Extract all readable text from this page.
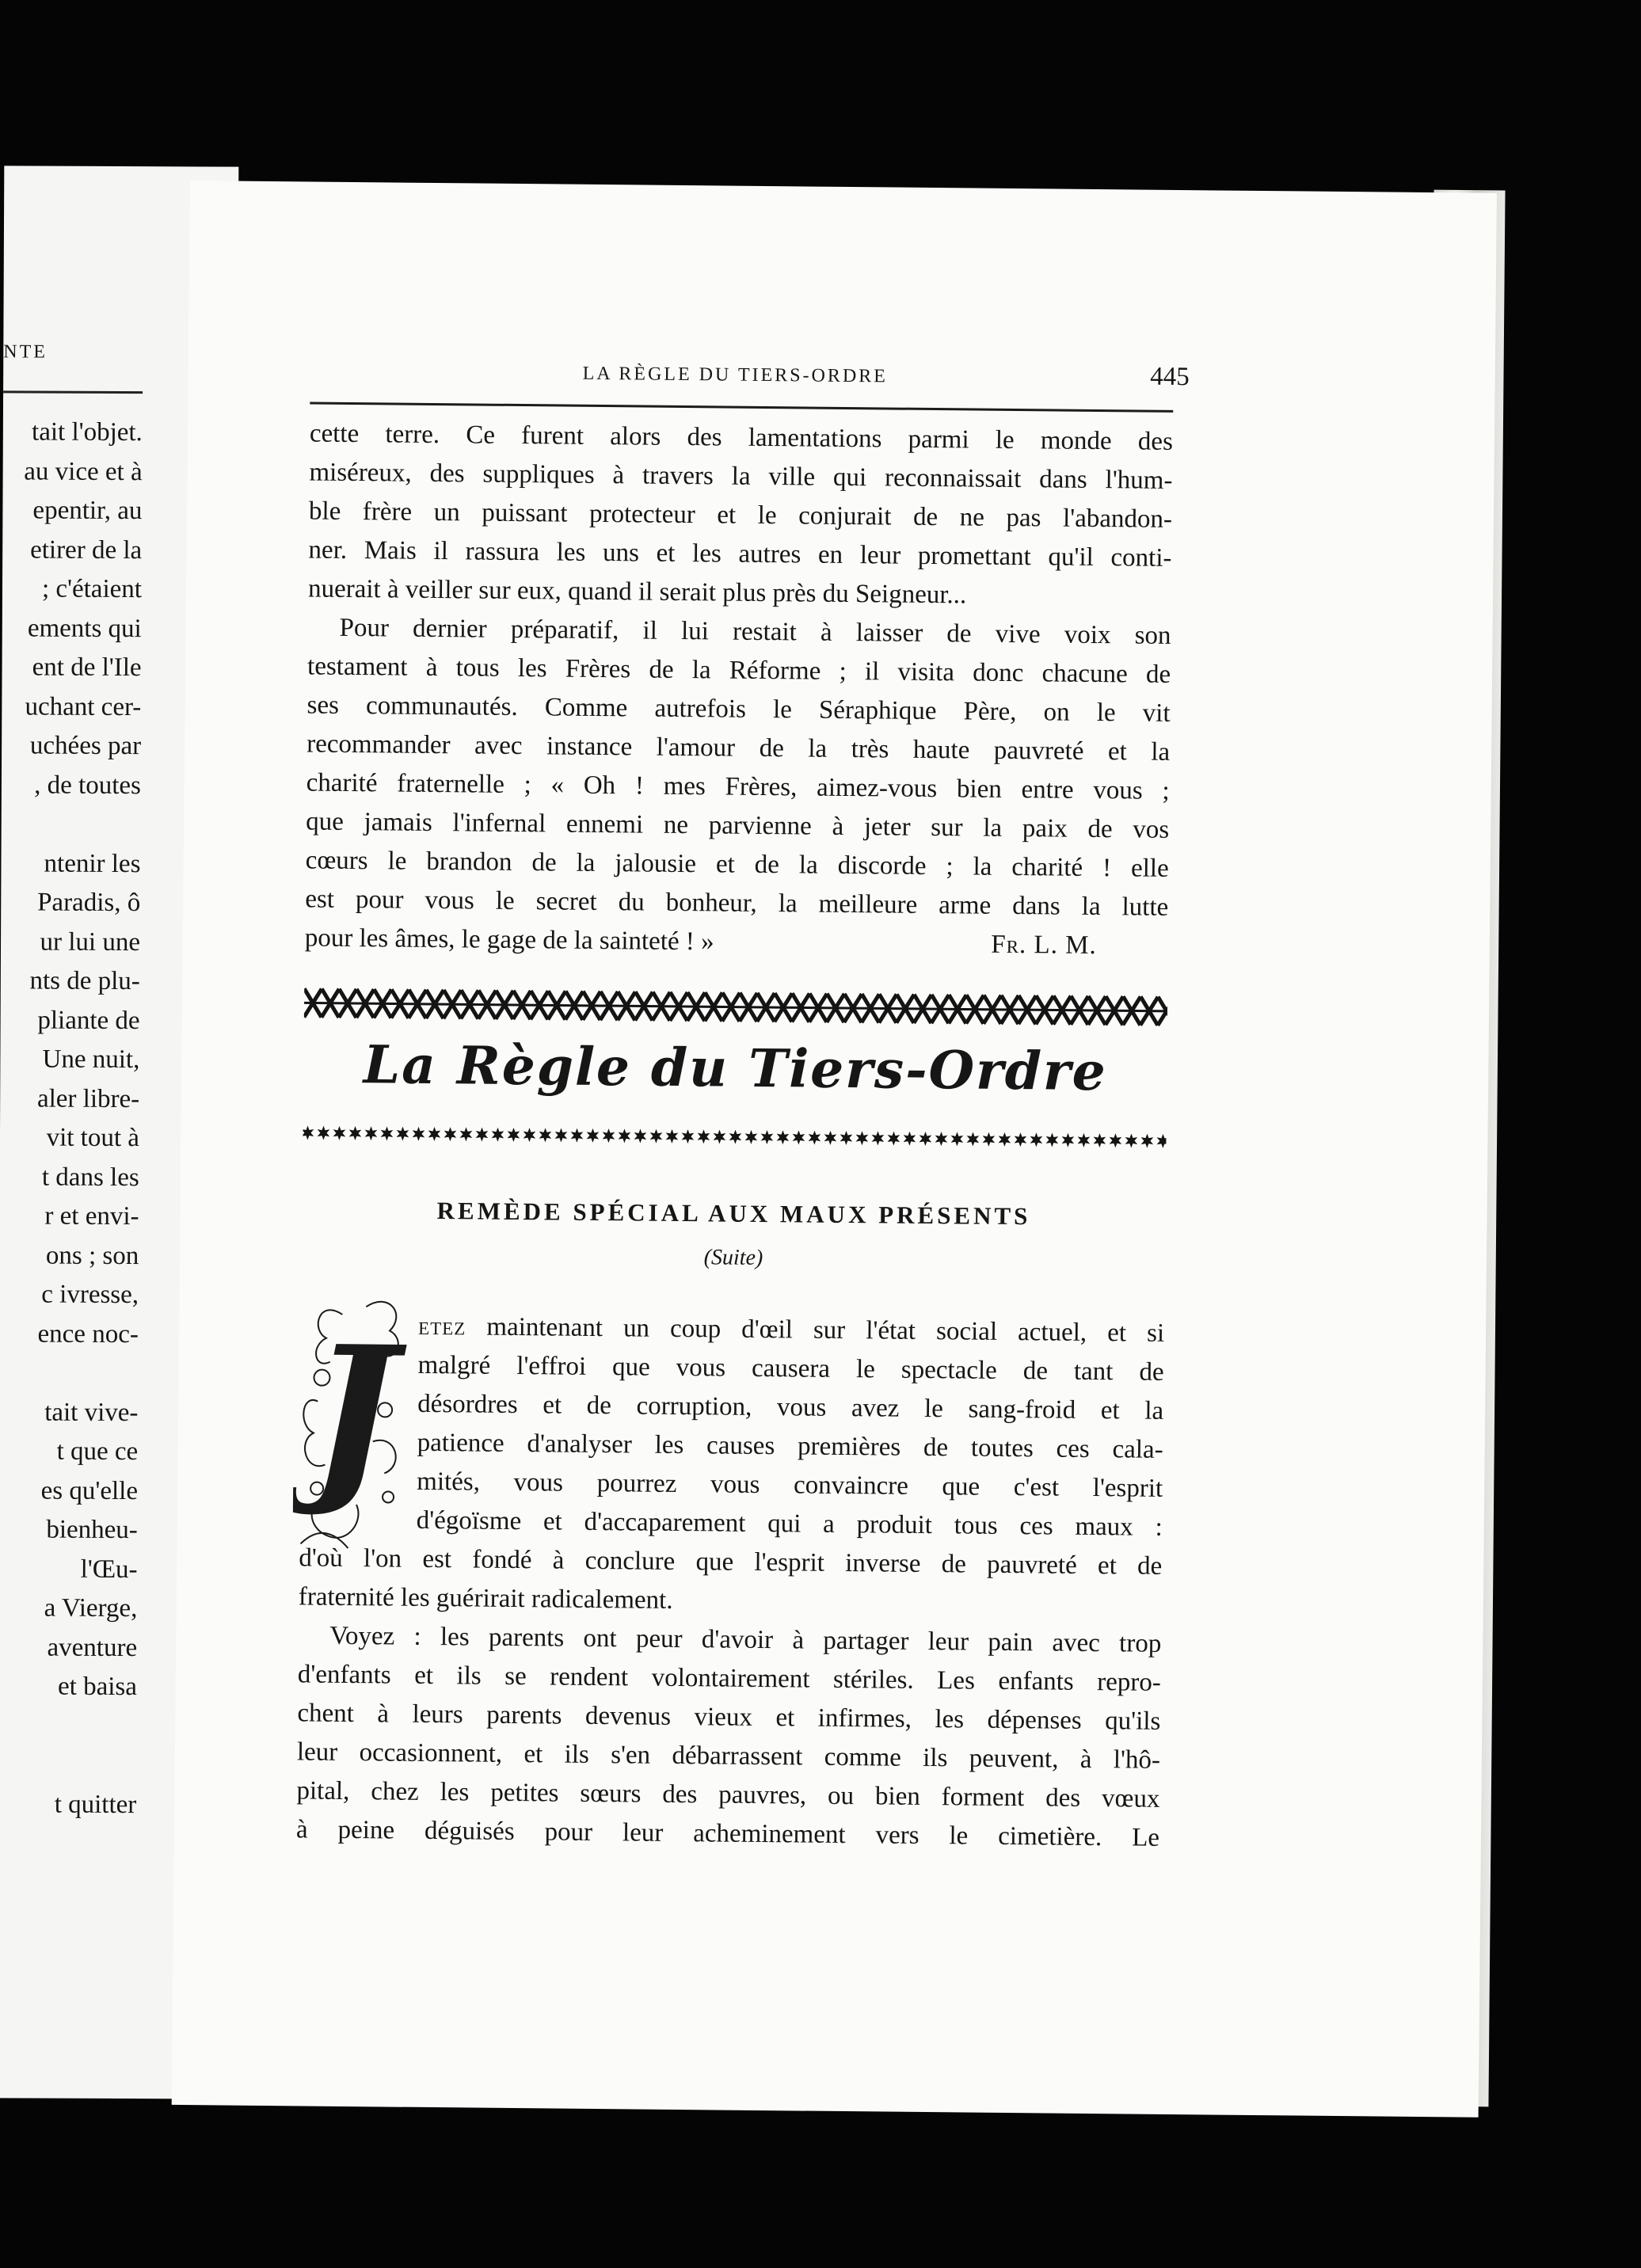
NTE
tait l'objet.
au vice et à
epentir, au
etirer de la
; c'étaient
ements qui
ent de l'Ile
uchant cer-
uchées par
, de toutes
ntenir les
Paradis, ô
ur lui une
nts de plu-
pliante de
Une nuit,
aler libre-
vit tout à
t dans les
r et envi-
ons ; son
c ivresse,
ence noc-
tait vive-
t que ce
es qu'elle
bienheu-
l'Œu-
a Vierge,
aventure
et baisa
t quitter
LA RÈGLE DU TIERS-ORDRE	445

cette terre. Ce furent alors des lamentations parmi le monde des
miséreux, des suppliques à travers la ville qui reconnaissait dans l'hum-
ble frère un puissant protecteur et le conjurait de ne pas l'abandon-
ner. Mais il rassura les uns et les autres en leur promettant qu'il conti-
nuerait à veiller sur eux, quand il serait plus près du Seigneur...

Pour dernier préparatif, il lui restait à laisser de vive voix son
testament à tous les Frères de la Réforme ; il visita donc chacune de
ses communautés. Comme autrefois le Séraphique Père, on le vit
recommander avec instance l'amour de la très haute pauvreté et la
charité fraternelle ; « Oh ! mes Frères, aimez-vous bien entre vous ;
que jamais l'infernal ennemi ne parvienne à jeter sur la paix de vos
cœurs le brandon de la jalousie et de la discorde ; la charité ! elle
est pour vous le secret du bonheur, la meilleure arme dans la lutte
pour les âmes, le gage de la sainteté ! »	Fr. L. M.

La Règle du Tiers-Ordre
REMÈDE SPÉCIAL AUX MAUX PRÉSENTS
(Suite)
J etez maintenant un coup d'œil sur l'état social actuel, et si
malgré l'effroi que vous causera le spectacle de tant de
désordres et de corruption, vous avez le sang-froid et la
patience d'analyser les causes premières de toutes ces cala-
mités, vous pourrez vous convaincre que c'est l'esprit
d'égoïsme et d'accaparement qui a produit tous ces maux :
d'où l'on est fondé à conclure que l'esprit inverse de pauvreté et de
fraternité les guérirait radicalement.

Voyez : les parents ont peur d'avoir à partager leur pain avec trop
d'enfants et ils se rendent volontairement stériles. Les enfants repro-
chent à leurs parents devenus vieux et infirmes, les dépenses qu'ils
leur occasionnent, et ils s'en débarrassent comme ils peuvent, à l'hô-
pital, chez les petites sœurs des pauvres, ou bien forment des vœux
à peine déguisés pour leur acheminement vers le cimetière. Le
